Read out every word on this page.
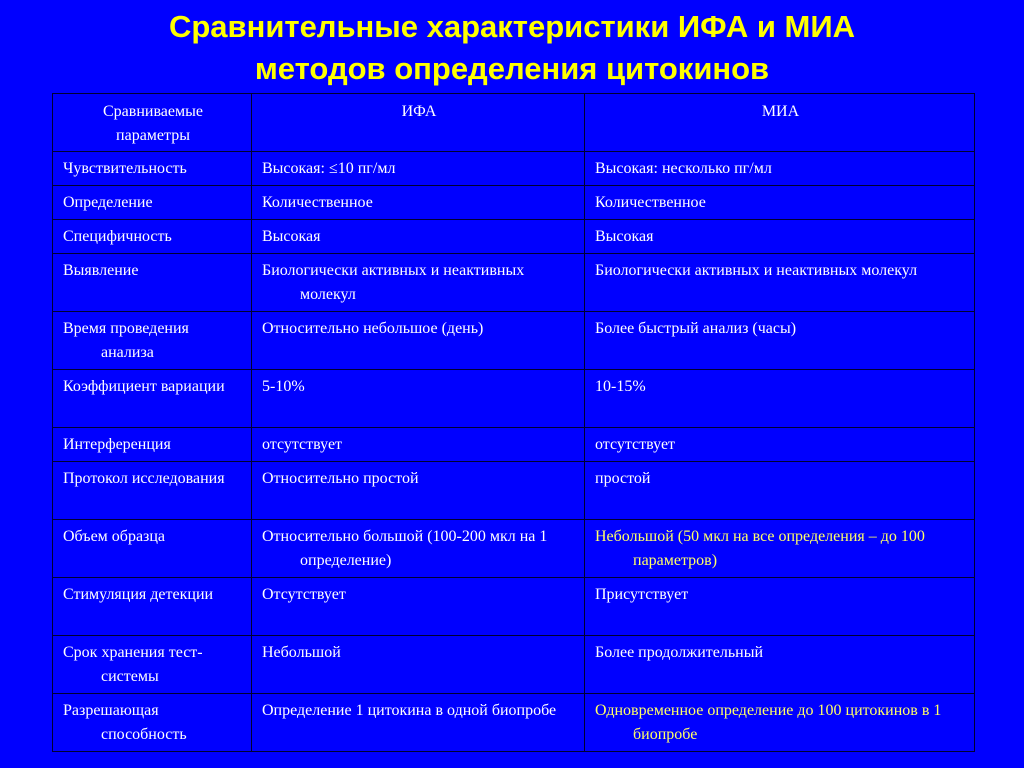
Сравнительные характеристики ИФА и МИА
методов определения цитокинов
Сравниваемые параметры	ИФА	МИА

Чувствительность	Высокая: ≤10 пг/мл	Высокая: несколько пг/мл

Определение	Количественное	Количественное

Специфичность	Высокая	Высокая

Выявление	Биологически активных и неактивных молекул	Биологически активных и неактивных молекул

Время проведения анализа	Относительно небольшое (день)	Более быстрый анализ (часы)

Коэффициент вариации	5-10%	10-15%

Интерференция	отсутствует	отсутствует

Протокол исследования	Относительно простой	простой

Объем образца	Относительно большой (100-200 мкл на 1 определение)	Небольшой (50 мкл на все определения – до 100 параметров)

Стимуляция детекции	Отсутствует	Присутствует

Срок хранения тест-системы	Небольшой	Более продолжительный

Разрешающая способность	Определение 1 цитокина в одной биопробе	Одновременное определение до 100 цитокинов в 1 биопробе
